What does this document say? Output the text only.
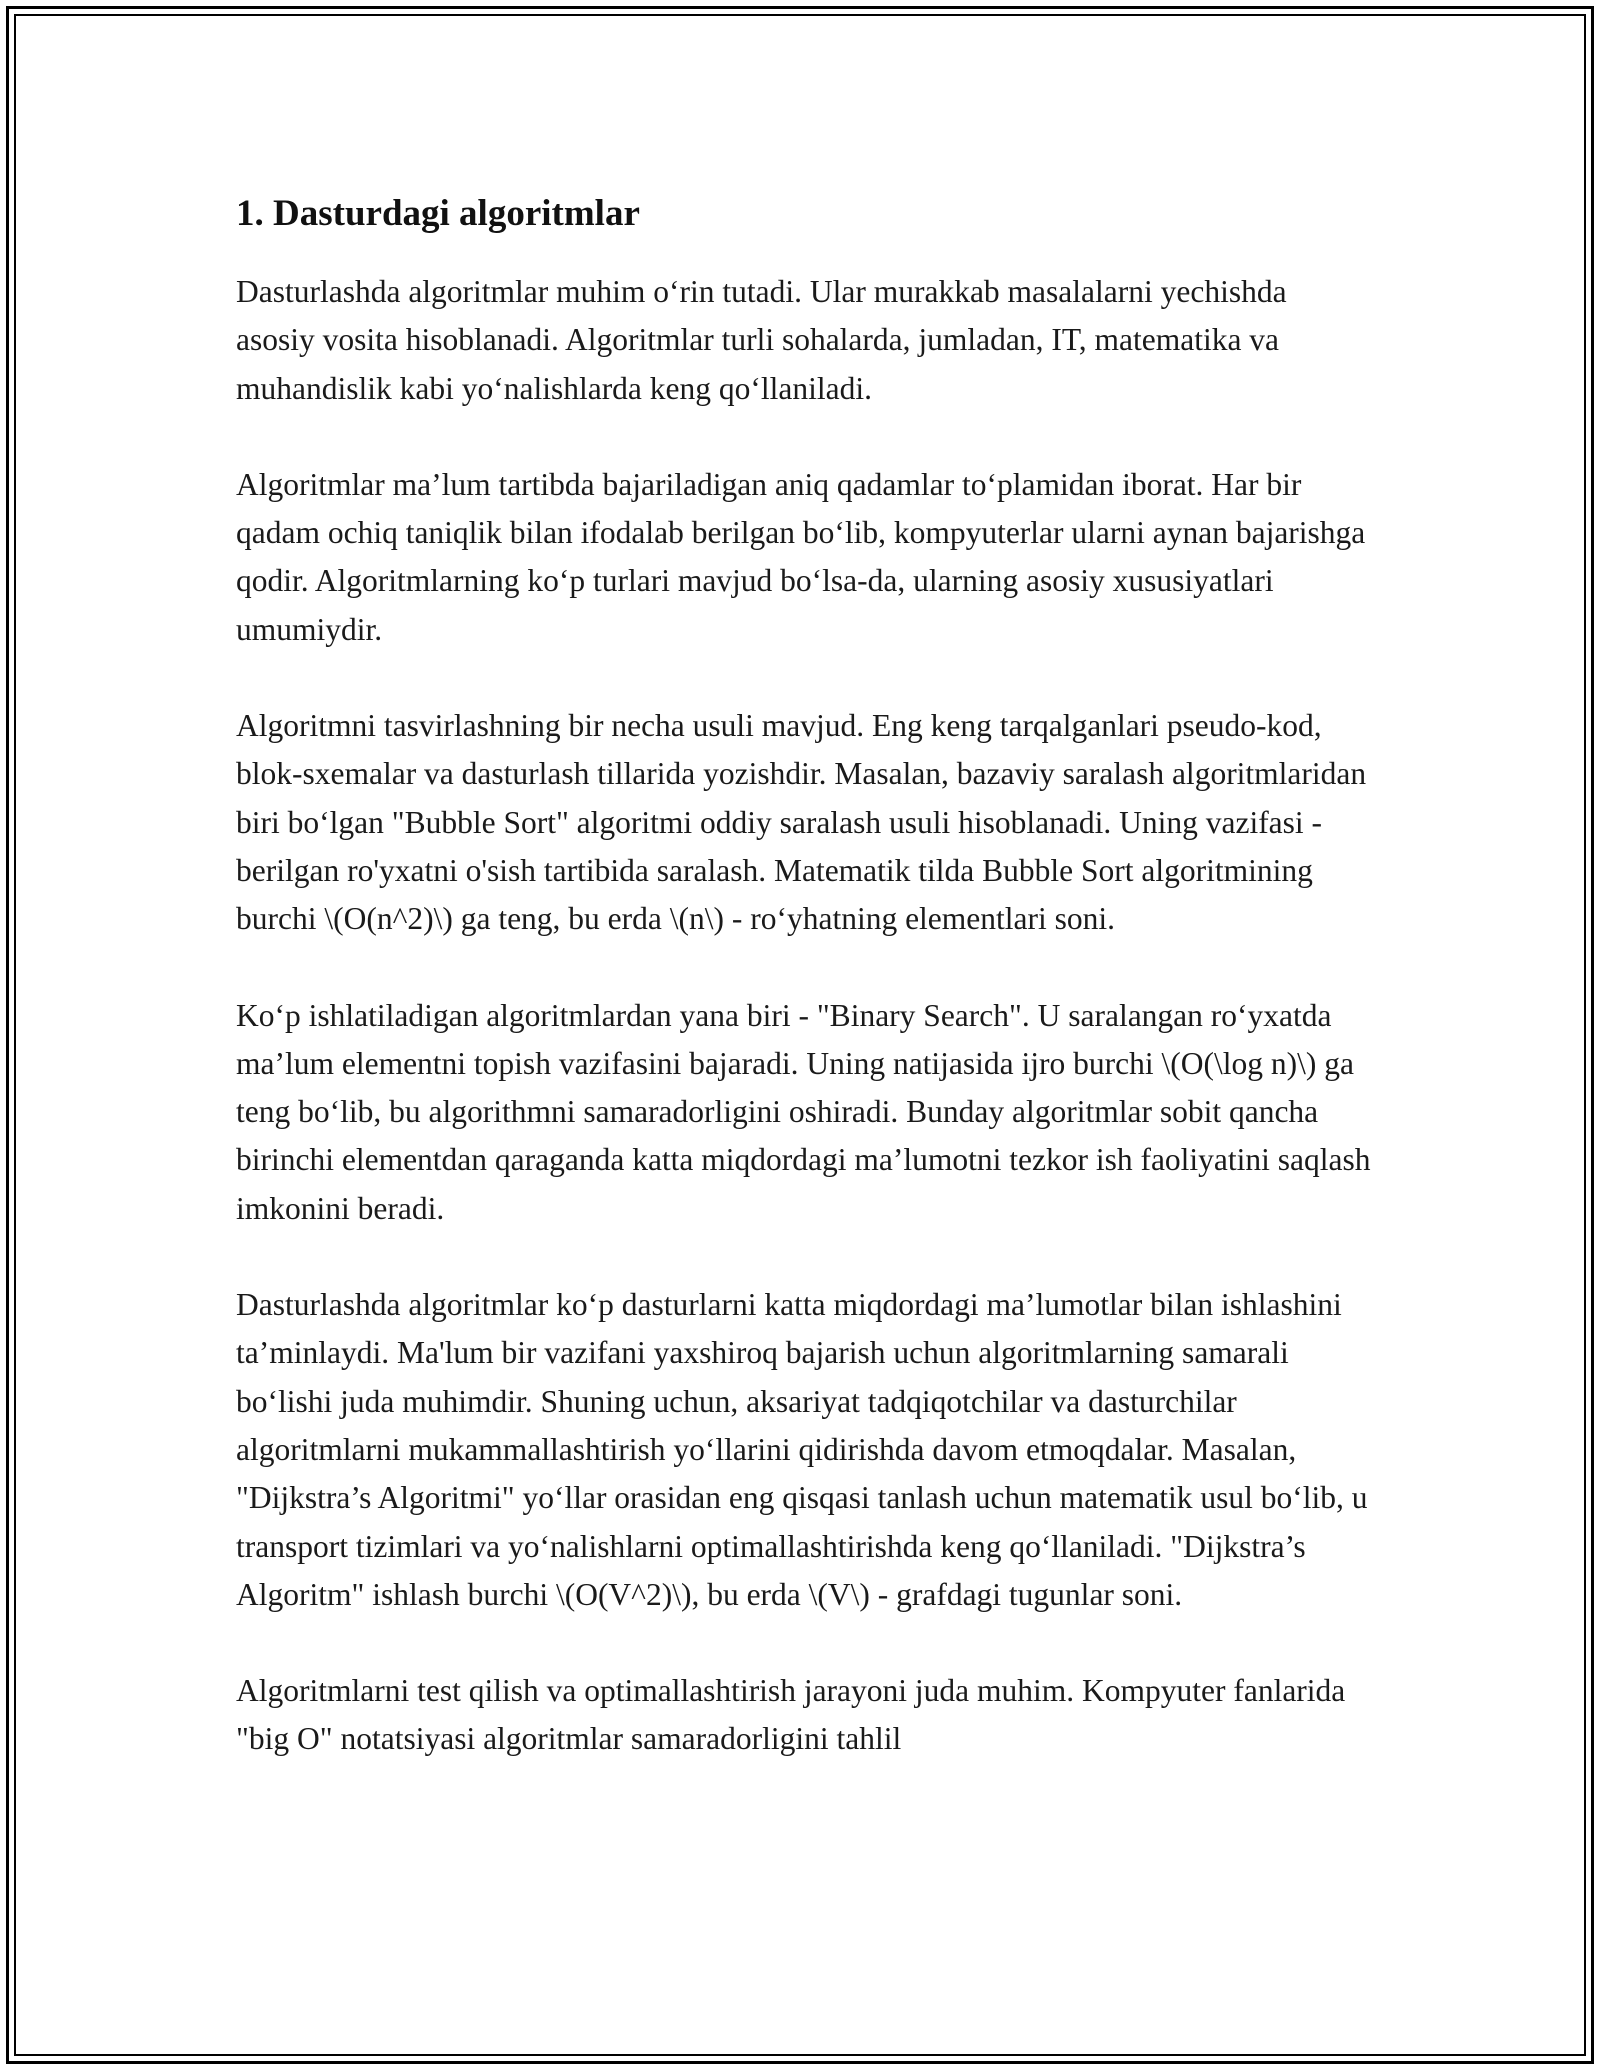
1. Dasturdagi algoritmlar

Dasturlashda algoritmlar muhim o‘rin tutadi. Ular murakkab masalalarni yechishda asosiy vosita hisoblanadi. Algoritmlar turli sohalarda, jumladan, IT, matematika va muhandislik kabi yo‘nalishlarda keng qo‘llaniladi.

Algoritmlar ma’lum tartibda bajariladigan aniq qadamlar to‘plamidan iborat. Har bir qadam ochiq taniqlik bilan ifodalab berilgan bo‘lib, kompyuterlar ularni aynan bajarishga qodir. Algoritmlarning ko‘p turlari mavjud bo‘lsa-da, ularning asosiy xususiyatlari umumiydir.

Algoritmni tasvirlashning bir necha usuli mavjud. Eng keng tarqalganlari pseudo-kod, blok-sxemalar va dasturlash tillarida yozishdir. Masalan, bazaviy saralash algoritmlaridan biri bo‘lgan "Bubble Sort" algoritmi oddiy saralash usuli hisoblanadi. Uning vazifasi - berilgan ro'yxatni o'sish tartibida saralash. Matematik tilda Bubble Sort algoritmining burchi \(O(n^2)\) ga teng, bu erda \(n\) - ro‘yhatning elementlari soni.

Ko‘p ishlatiladigan algoritmlardan yana biri - "Binary Search". U saralangan ro‘yxatda ma’lum elementni topish vazifasini bajaradi. Uning natijasida ijro burchi \(O(\log n)\) ga teng bo‘lib, bu algorithmni samaradorligini oshiradi. Bunday algoritmlar sobit qancha birinchi elementdan qaraganda katta miqdordagi ma’lumotni tezkor ish faoliyatini saqlash imkonini beradi.

Dasturlashda algoritmlar ko‘p dasturlarni katta miqdordagi ma’lumotlar bilan ishlashini ta’minlaydi. Ma'lum bir vazifani yaxshiroq bajarish uchun algoritmlarning samarali bo‘lishi juda muhimdir. Shuning uchun, aksariyat tadqiqotchilar va dasturchilar algoritmlarni mukammallashtirish yo‘llarini qidirishda davom etmoqdalar. Masalan, "Dijkstra’s Algoritmi" yo‘llar orasidan eng qisqasi tanlash uchun matematik usul bo‘lib, u transport tizimlari va yo‘nalishlarni optimallashtirishda keng qo‘llaniladi. "Dijkstra’s Algoritm" ishlash burchi \(O(V^2)\), bu erda \(V\) - grafdagi tugunlar soni.

Algoritmlarni test qilish va optimallashtirish jarayoni juda muhim. Kompyuter fanlarida "big O" notatsiyasi algoritmlar samaradorligini tahlil
